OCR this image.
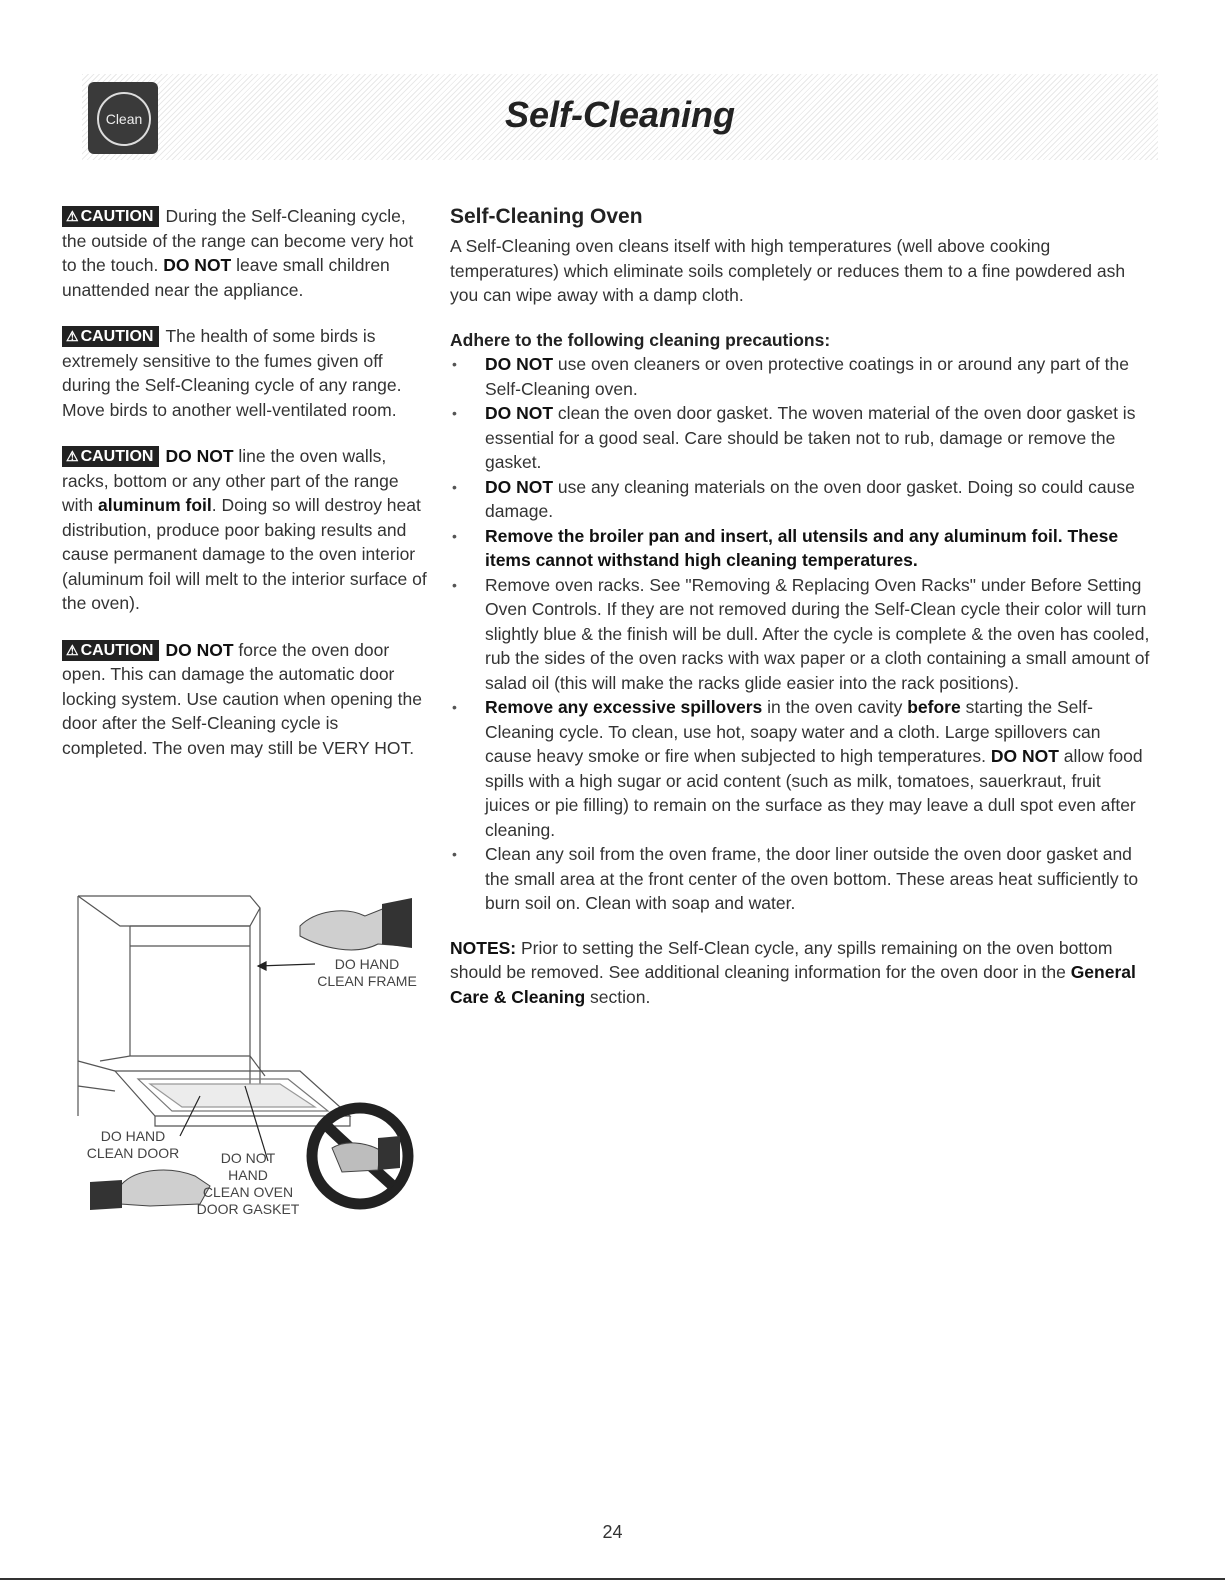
Clean	Self-Cleaning

⚠ CAUTION During the Self-Cleaning cycle, the outside of the range can become very hot to the touch. DO NOT leave small children unattended near the appliance.

⚠ CAUTION The health of some birds is extremely sensitive to the fumes given off during the Self-Cleaning cycle of any range. Move birds to another well-ventilated room.

⚠ CAUTION DO NOT line the oven walls, racks, bottom or any other part of the range with aluminum foil. Doing so will destroy heat distribution, produce poor baking results and cause permanent damage to the oven interior (aluminum foil will melt to the interior surface of the oven).

⚠ CAUTION DO NOT force the oven door open. This can damage the automatic door locking system. Use caution when opening the door after the Self-Cleaning cycle is completed. The oven may still be VERY HOT.

DO HAND
CLEAN FRAME
DO HAND
CLEAN DOOR	DO NOT
HAND
CLEAN OVEN
DOOR GASKET
Self-Cleaning Oven

A Self-Cleaning oven cleans itself with high temperatures (well above cooking temperatures) which eliminate soils completely or reduces them to a fine powdered ash you can wipe away with a damp cloth.

Adhere to the following cleaning precautions:

• DO NOT use oven cleaners or oven protective coatings in or around any part of the Self-Cleaning oven.
• DO NOT clean the oven door gasket. The woven material of the oven door gasket is essential for a good seal. Care should be taken not to rub, damage or remove the gasket.
• DO NOT use any cleaning materials on the oven door gasket. Doing so could cause damage.
• Remove the broiler pan and insert, all utensils and any aluminum foil. These items cannot withstand high cleaning temperatures.
• Remove oven racks. See "Removing & Replacing Oven Racks" under Before Setting Oven Controls. If they are not removed during the Self-Clean cycle their color will turn slightly blue & the finish will be dull. After the cycle is complete & the oven has cooled, rub the sides of the oven racks with wax paper or a cloth containing a small amount of salad oil (this will make the racks glide easier into the rack positions).
• Remove any excessive spillovers in the oven cavity before starting the Self-Cleaning cycle. To clean, use hot, soapy water and a cloth. Large spillovers can cause heavy smoke or fire when subjected to high temperatures. DO NOT allow food spills with a high sugar or acid content (such as milk, tomatoes, sauerkraut, fruit juices or pie filling) to remain on the surface as they may leave a dull spot even after cleaning.
• Clean any soil from the oven frame, the door liner outside the oven door gasket and the small area at the front center of the oven bottom. These areas heat sufficiently to burn soil on. Clean with soap and water.

NOTES: Prior to setting the Self-Clean cycle, any spills remaining on the oven bottom should be removed. See additional cleaning information for the oven door in the General Care & Cleaning section.

24
